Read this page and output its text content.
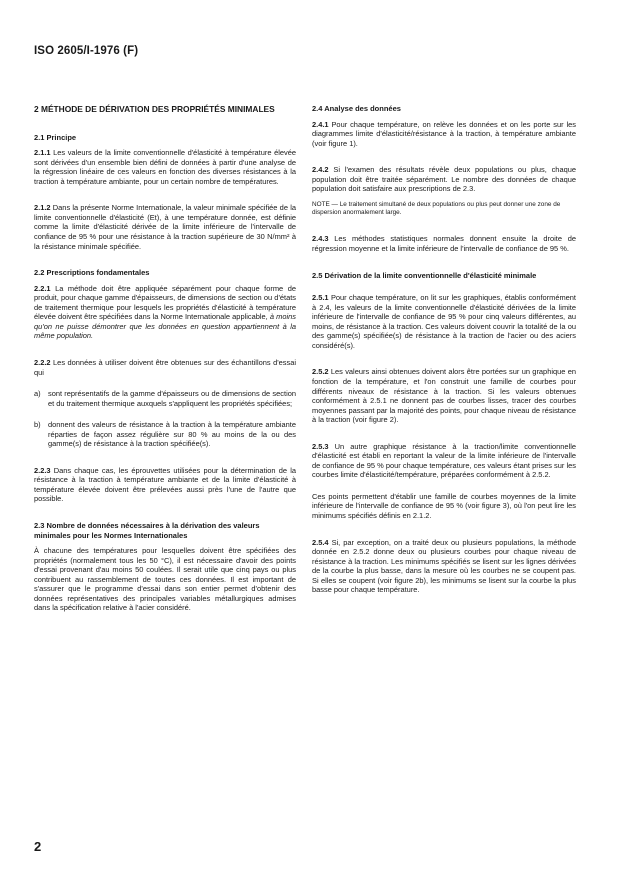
ISO 2605/I-1976 (F)
2 MÉTHODE DE DÉRIVATION DES PROPRIÉTÉS MINIMALES
2.1 Principe

2.1.1 Les valeurs de la limite conventionnelle d'élasticité à température élevée sont dérivées d'un ensemble bien défini de données à partir d'une analyse de la régression linéaire de ces valeurs en fonction des diverses résistances à la traction à température ambiante, pour un certain nombre de températures.

2.1.2 Dans la présente Norme Internationale, la valeur minimale spécifiée de la limite conventionnelle d'élasticité (Et), à une température donnée, est définie comme la limite d'élasticité dérivée de la limite inférieure de l'intervalle de confiance de 95 % pour une résistance à la traction supérieure de 30 N/mm² à la résistance minimale spécifiée.

2.2 Prescriptions fondamentales

2.2.1 La méthode doit être appliquée séparément pour chaque forme de produit, pour chaque gamme d'épaisseurs, de dimensions de section ou d'états de traitement thermique pour lesquels les propriétés d'élasticité à température élevée doivent être spécifiées dans la Norme Internationale applicable, à moins qu'on ne puisse démontrer que les données en question appartiennent à la même population.

2.2.2 Les données à utiliser doivent être obtenues sur des échantillons d'essai qui

a) sont représentatifs de la gamme d'épaisseurs ou de dimensions de section et du traitement thermique auxquels s'appliquent les propriétés spécifiées;

b) donnent des valeurs de résistance à la traction à la température ambiante réparties de façon assez régulière sur 80 % au moins de la ou des gamme(s) de résistance à la traction spécifiée(s).

2.2.3 Dans chaque cas, les éprouvettes utilisées pour la détermination de la résistance à la traction à température ambiante et de la limite d'élasticité à température élevée doivent être prélevées aussi près l'une de l'autre que possible.

2.3 Nombre de données nécessaires à la dérivation des valeurs minimales pour les Normes Internationales

À chacune des températures pour lesquelles doivent être spécifiées des propriétés (normalement tous les 50 °C), il est nécessaire d'avoir des points d'essai provenant d'au moins 50 coulées. Il serait utile que cinq pays ou plus contribuent au rassemblement de toutes ces données. Il est important de s'assurer que le programme d'essai dans son entier permet d'obtenir des données représentatives des principales variables métallurgiques admises dans la spécification relative à l'acier considéré.

2.4 Analyse des données

2.4.1 Pour chaque température, on relève les données et on les porte sur les diagrammes limite d'élasticité/résistance à la traction, à température ambiante (voir figure 1).

2.4.2 Si l'examen des résultats révèle deux populations ou plus, chaque population doit être traitée séparément. Le nombre des données de chaque population doit satisfaire aux prescriptions de 2.3.

NOTE — Le traitement simultané de deux populations ou plus peut donner une zone de dispersion anormalement large.

2.4.3 Les méthodes statistiques normales donnent ensuite la droite de régression moyenne et la limite inférieure de l'intervalle de confiance de 95 %.

2.5 Dérivation de la limite conventionnelle d'élasticité minimale

2.5.1 Pour chaque température, on lit sur les graphiques, établis conformément à 2.4, les valeurs de la limite conventionnelle d'élasticité dérivées de la limite inférieure de l'intervalle de confiance de 95 % pour cinq valeurs différentes, au moins, de résistance à la traction. Ces valeurs doivent couvrir la totalité de la ou des gamme(s) spécifiée(s) de résistance à la traction de l'acier ou des aciers considéré(s).

2.5.2 Les valeurs ainsi obtenues doivent alors être portées sur un graphique en fonction de la température, et l'on construit une famille de courbes pour différents niveaux de résistance à la traction. Si les valeurs obtenues conformément à 2.5.1 ne donnent pas de courbes lisses, tracer des courbes moyennes passant par la majorité des points, pour chaque niveau de résistance à la traction (voir figure 2).

2.5.3 Un autre graphique résistance à la traction/limite conventionnelle d'élasticité est établi en reportant la valeur de la limite inférieure de l'intervalle de confiance de 95 % pour chaque température, ces valeurs étant prises sur les courbes limite d'élasticité/température, préparées conformément à 2.5.2.

Ces points permettent d'établir une famille de courbes moyennes de la limite inférieure de l'intervalle de confiance de 95 % (voir figure 3), où l'on peut lire les minimums spécifiés définis en 2.1.2.

2.5.4 Si, par exception, on a traité deux ou plusieurs populations, la méthode donnée en 2.5.2 donne deux ou plusieurs courbes pour chaque niveau de résistance à la traction. Les minimums spécifiés se lisent sur les lignes dérivées de la courbe la plus basse, dans la mesure où les courbes ne se coupent pas. Si elles se coupent (voir figure 2b), les minimums se lisent sur la courbe la plus basse pour chaque température.

2
